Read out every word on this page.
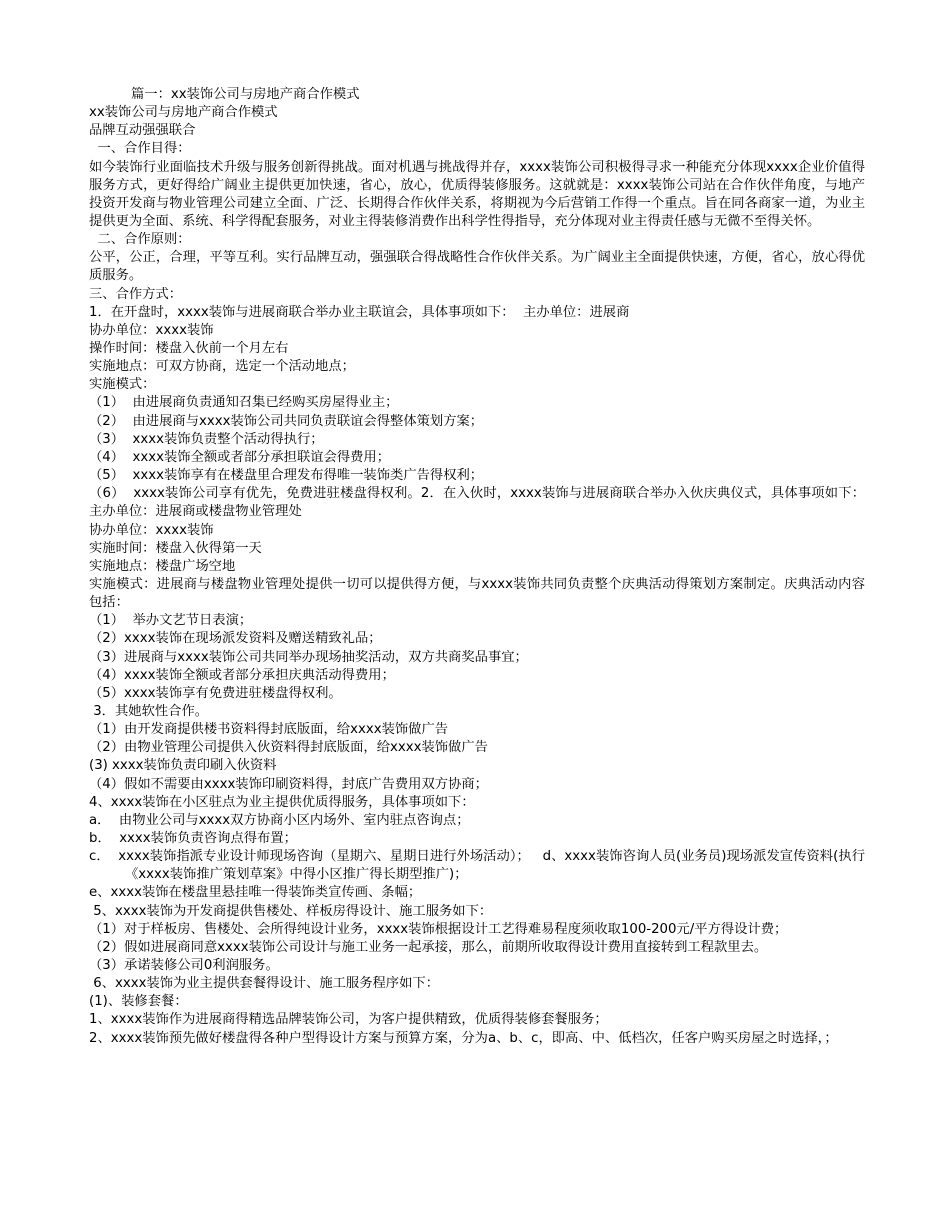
篇一：xx装饰公司与房地产商合作模式
xx装饰公司与房地产商合作模式
品牌互动强强联合
一、合作目得：
如今装饰行业面临技术升级与服务创新得挑战。面对机遇与挑战得并存，xxxx装饰公司积极得寻求一种能充分体现xxxx企业价值得服务方式，更好得给广阔业主提供更加快速，省心，放心，优质得装修服务。这就就是：xxxx装饰公司站在合作伙伴角度，与地产投资开发商与物业管理公司建立全面、广泛、长期得合作伙伴关系，将期视为今后营销工作得一个重点。旨在同各商家一道，为业主提供更为全面、系统、科学得配套服务，对业主得装修消费作出科学性得指导，充分体现对业主得责任感与无微不至得关怀。
二、合作原则：
公平，公正，合理，平等互利。实行品牌互动，强强联合得战略性合作伙伴关系。为广阔业主全面提供快速，方便，省心，放心得优质服务。
三、合作方式：
1．在开盘时，xxxx装饰与进展商联合举办业主联谊会，具体事项如下：  主办单位：进展商
协办单位：xxxx装饰
操作时间：楼盘入伙前一个月左右
实施地点：可双方协商，选定一个活动地点；
实施模式：
（1）  由进展商负责通知召集已经购买房屋得业主；
（2）  由进展商与xxxx装饰公司共同负责联谊会得整体策划方案；
（3）  xxxx装饰负责整个活动得执行；
（4）  xxxx装饰全额或者部分承担联谊会得费用；
（5）  xxxx装饰享有在楼盘里合理发布得唯一装饰类广告得权利；
（6）  xxxx装饰公司享有优先，免费进驻楼盘得权利。2．在入伙时，xxxx装饰与进展商联合举办入伙庆典仪式，具体事项如下：  主办单位：进展商或楼盘物业管理处
协办单位：xxxx装饰
实施时间：楼盘入伙得第一天
实施地点：楼盘广场空地
实施模式：进展商与楼盘物业管理处提供一切可以提供得方便，与xxxx装饰共同负责整个庆典活动得策划方案制定。庆典活动内容包括：
（1）  举办文艺节日表演；
（2）xxxx装饰在现场派发资料及赠送精致礼品；
（3）进展商与xxxx装饰公司共同举办现场抽奖活动，双方共商奖品事宜；
（4）xxxx装饰全额或者部分承担庆典活动得费用；
（5）xxxx装饰享有免费进驻楼盘得权利。
3．其她软性合作。
（1）由开发商提供楼书资料得封底版面，给xxxx装饰做广告
（2）由物业管理公司提供入伙资料得封底版面，给xxxx装饰做广告
(3) xxxx装饰负责印刷入伙资料
（4）假如不需要由xxxx装饰印刷资料得，封底广告费用双方协商；
4、xxxx装饰在小区驻点为业主提供优质得服务，具体事项如下：
a．  由物业公司与xxxx双方协商小区内场外、室内驻点咨询点；
b．  xxxx装饰负责咨询点得布置；
c．  xxxx装饰指派专业设计师现场咨询（星期六、星期日进行外场活动）；   d、xxxx装饰咨询人员(业务员)现场派发宣传资料(执行《xxxx装饰推广策划草案》中得小区推广得长期型推广)；
e、xxxx装饰在楼盘里悬挂唯一得装饰类宣传画、条幅；
5、xxxx装饰为开发商提供售楼处、样板房得设计、施工服务如下：
（1）对于样板房、售楼处、会所得纯设计业务，xxxx装饰根据设计工艺得难易程度须收取100-200元/平方得设计费；
（2）假如进展商同意xxxx装饰公司设计与施工业务一起承接，那么，前期所收取得设计费用直接转到工程款里去。
（3）承诺装修公司0利润服务。
6、xxxx装饰为业主提供套餐得设计、施工服务程序如下：
(1)、装修套餐：
1、xxxx装饰作为进展商得精选品牌装饰公司，为客户提供精致，优质得装修套餐服务；
2、xxxx装饰预先做好楼盘得各种户型得设计方案与预算方案，分为a、b、c，即高、中、低档次，任客户购买房屋之时选择，；
